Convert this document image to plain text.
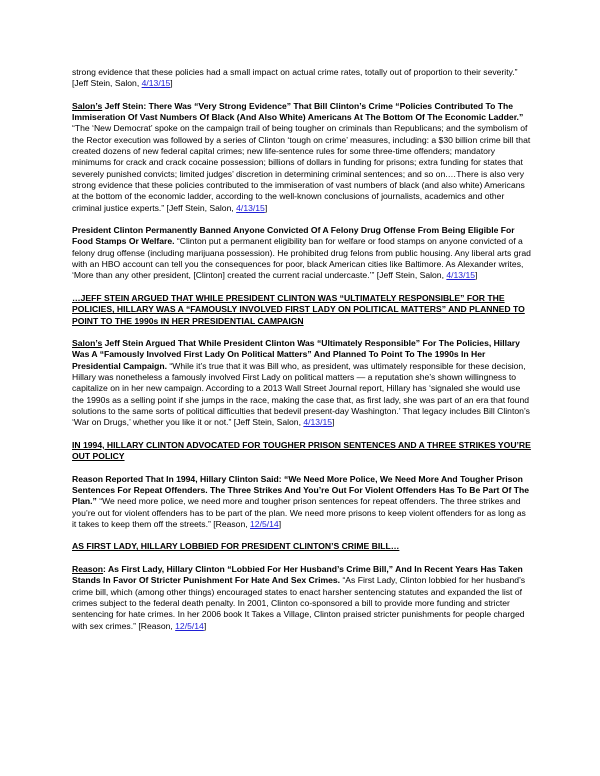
strong evidence that these policies had a small impact on actual crime rates, totally out of proportion to their severity.” [Jeff Stein, Salon, 4/13/15]

Salon’s Jeff Stein: There Was “Very Strong Evidence” That Bill Clinton’s Crime “Policies Contributed To The Immiseration Of Vast Numbers Of Black (And Also White) Americans At The Bottom Of The Economic Ladder.” “The ‘New Democrat’ spoke on the campaign trail of being tougher on criminals than Republicans; and the symbolism of the Rector execution was followed by a series of Clinton ‘tough on crime’ measures, including: a $30 billion crime bill that created dozens of new federal capital crimes; new life-sentence rules for some three-time offenders; mandatory minimums for crack and crack cocaine possession; billions of dollars in funding for prisons; extra funding for states that severely punished convicts; limited judges’ discretion in determining criminal sentences; and so on.…There is also very strong evidence that these policies contributed to the immiseration of vast numbers of black (and also white) Americans at the bottom of the economic ladder, according to the well-known conclusions of journalists, academics and other criminal justice experts.” [Jeff Stein, Salon, 4/13/15]

President Clinton Permanently Banned Anyone Convicted Of A Felony Drug Offense From Being Eligible For Food Stamps Or Welfare. “Clinton put a permanent eligibility ban for welfare or food stamps on anyone convicted of a felony drug offense (including marijuana possession). He prohibited drug felons from public housing. Any liberal arts grad with an HBO account can tell you the consequences for poor, black American cities like Baltimore. As Alexander writes, ‘More than any other president, [Clinton] created the current racial undercaste.’” [Jeff Stein, Salon, 4/13/15]

…JEFF STEIN ARGUED THAT WHILE PRESIDENT CLINTON WAS “ULTIMATELY RESPONSIBLE” FOR THE POLICIES, HILLARY WAS A “FAMOUSLY INVOLVED FIRST LADY ON POLITICAL MATTERS” AND PLANNED TO POINT TO THE 1990s IN HER PRESIDENTIAL CAMPAIGN

Salon’s Jeff Stein Argued That While President Clinton Was “Ultimately Responsible” For The Policies, Hillary Was A “Famously Involved First Lady On Political Matters” And Planned To Point To The 1990s In Her Presidential Campaign. “While it’s true that it was Bill who, as president, was ultimately responsible for these decision, Hillary was nonetheless a famously involved First Lady on political matters — a reputation she’s shown willingness to capitalize on in her new campaign. According to a 2013 Wall Street Journal report, Hillary has ‘signaled she would use the 1990s as a selling point if she jumps in the race, making the case that, as first lady, she was part of an era that found solutions to the same sorts of political difficulties that bedevil present-day Washington.’ That legacy includes Bill Clinton’s ‘War on Drugs,’ whether you like it or not.” [Jeff Stein, Salon, 4/13/15]

IN 1994, HILLARY CLINTON ADVOCATED FOR TOUGHER PRISON SENTENCES AND A THREE STRIKES YOU’RE OUT POLICY

Reason Reported That In 1994, Hillary Clinton Said: “We Need More Police, We Need More And Tougher Prison Sentences For Repeat Offenders. The Three Strikes And You’re Out For Violent Offenders Has To Be Part Of The Plan.” “We need more police, we need more and tougher prison sentences for repeat offenders. The three strikes and you’re out for violent offenders has to be part of the plan. We need more prisons to keep violent offenders for as long as it takes to keep them off the streets.” [Reason, 12/5/14]

AS FIRST LADY, HILLARY LOBBIED FOR PRESIDENT CLINTON’S CRIME BILL…

Reason: As First Lady, Hillary Clinton “Lobbied For Her Husband’s Crime Bill,” And In Recent Years Has Taken Stands In Favor Of Stricter Punishment For Hate And Sex Crimes. “As First Lady, Clinton lobbied for her husband’s crime bill, which (among other things) encouraged states to enact harsher sentencing statutes and expanded the list of crimes subject to the federal death penalty. In 2001, Clinton co-sponsored a bill to provide more funding and stricter sentencing for hate crimes. In her 2006 book It Takes a Village, Clinton praised stricter punishments for people charged with sex crimes.” [Reason, 12/5/14]
